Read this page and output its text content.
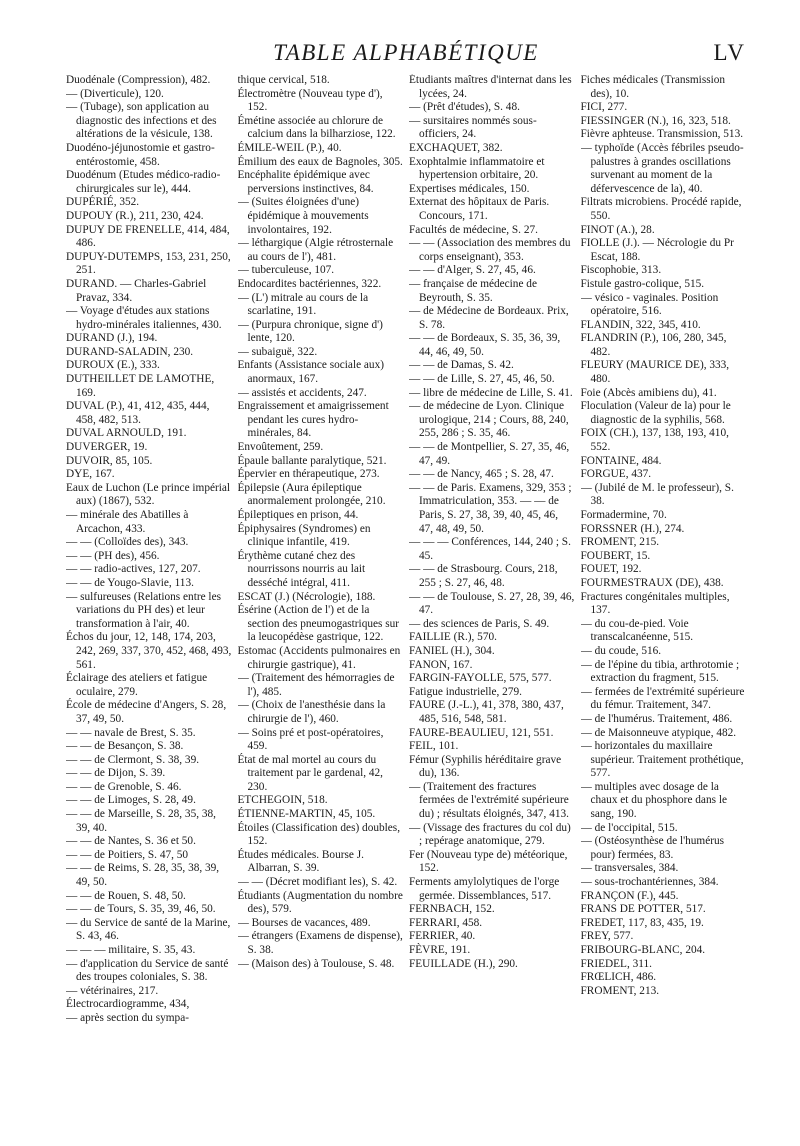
TABLE ALPHABÉTIQUE	LV

Duodénale (Compression), 482.

— (Diverticule), 120.

— (Tubage), son application au diagnostic des infections et des altérations de la vésicule, 138.

Duodéno-jéjunostomie et gastro-entérostomie, 458.

Duodénum (Etudes médico-radio-chirurgicales sur le), 444.

DUPÉRIÉ, 352.

DUPOUY (R.), 211, 230, 424.

DUPUY DE FRENELLE, 414, 484, 486.

DUPUY-DUTEMPS, 153, 231, 250, 251.

DURAND. — Charles-Gabriel Pravaz, 334.

— Voyage d'études aux stations hydro-minérales italiennes, 430.

DURAND (J.), 194.

DURAND-SALADIN, 230.

DUROUX (E.), 333.

DUTHEILLET DE LAMOTHE, 169.

DUVAL (P.), 41, 412, 435, 444, 458, 482, 513.

DUVAL ARNOULD, 191.

DUVERGER, 19.

DUVOIR, 85, 105.

DYE, 167.

Eaux de Luchon (Le prince impérial aux) (1867), 532.

— minérale des Abatilles à Arcachon, 433.

— — (Colloïdes des), 343.

— — (PH des), 456.

— — radio-actives, 127, 207.

— — de Yougo-Slavie, 113.

— sulfureuses (Relations entre les variations du PH des) et leur transformation à l'air, 40.

Échos du jour, 12, 148, 174, 203, 242, 269, 337, 370, 452, 468, 493, 561.

Éclairage des ateliers et fatigue oculaire, 279.

École de médecine d'Angers, S. 28, 37, 49, 50.

— — navale de Brest, S. 35.

— — de Besançon, S. 38.

— — de Clermont, S. 38, 39.

— — de Dijon, S. 39.

— — de Grenoble, S. 46.

— — de Limoges, S. 28, 49.

— — de Marseille, S. 28, 35, 38, 39, 40.

— — de Nantes, S. 36 et 50.

— — de Poitiers, S. 47, 50

— — de Reims, S. 28, 35, 38, 39, 49, 50.

— — de Rouen, S. 48, 50.

— — de Tours, S. 35, 39, 46, 50.

— du Service de santé de la Marine, S. 43, 46.

— — — militaire, S. 35, 43.

— d'application du Service de santé des troupes coloniales, S. 38.

— vétérinaires, 217.

Électrocardiogramme, 434,

— après section du sympa-

thique cervical, 518.

Électromètre (Nouveau type d'), 152.

Émétine associée au chlorure de calcium dans la bilharziose, 122.

ÉMILE-WEIL (P.), 40.

Émilium des eaux de Bagnoles, 305.

Encéphalite épidémique avec perversions instinctives, 84.

— (Suites éloignées d'une) épidémique à mouvements involontaires, 192.

— léthargique (Algie rétrosternale au cours de l'), 481.

— tuberculeuse, 107.

Endocardites bactériennes, 322.

— (L') mitrale au cours de la scarlatine, 191.

— (Purpura chronique, signe d') lente, 120.

— subaiguë, 322.

Enfants (Assistance sociale aux) anormaux, 167.

— assistés et accidents, 247.

Engraissement et amaigrissement pendant les cures hydro-minérales, 84.

Envoûtement, 259.

Épaule ballante paralytique, 521.

Épervier en thérapeutique, 273.

Épilepsie (Aura épileptique anormalement prolongée, 210.

Épileptiques en prison, 44.

Épiphysaires (Syndromes) en clinique infantile, 419.

Érythème cutané chez des nourrissons nourris au lait desséché intégral, 411.

ESCAT (J.) (Nécrologie), 188.

Ésérine (Action de l') et de la section des pneumogastriques sur la leucopédèse gastrique, 122.

Estomac (Accidents pulmonaires en chirurgie gastrique), 41.

— (Traitement des hémorragies de l'), 485.

— (Choix de l'anesthésie dans la chirurgie de l'), 460.

— Soins pré et post-opératoires, 459.

État de mal mortel au cours du traitement par le gardenal, 42, 230.

ETCHEGOIN, 518.

ÉTIENNE-MARTIN, 45, 105.

Étoiles (Classification des) doubles, 152.

Études médicales. Bourse J. Albarran, S. 39.

— — (Décret modifiant les), S. 42.

Étudiants (Augmentation du nombre des), 579.

— Bourses de vacances, 489.

— étrangers (Examens de dispense), S. 38.

— (Maison des) à Toulouse, S. 48.

Étudiants maîtres d'internat dans les lycées, 24.

— (Prêt d'études), S. 48.

— sursitaires nommés sous-officiers, 24.

EXCHAQUET, 382.

Exophtalmie inflammatoire et hypertension orbitaire, 20.

Expertises médicales, 150.

Externat des hôpitaux de Paris. Concours, 171.

Facultés de médecine, S. 27.

— — (Association des membres du corps enseignant), 353.

— — d'Alger, S. 27, 45, 46.

— française de médecine de Beyrouth, S. 35.

— de Médecine de Bordeaux. Prix, S. 78.

— — de Bordeaux, S. 35, 36, 39, 44, 46, 49, 50.

— — de Damas, S. 42.

— — de Lille, S. 27, 45, 46, 50.

— libre de médecine de Lille, S. 41.

— de médecine de Lyon. Clinique urologique, 214 ; Cours, 88, 240, 255, 286 ; S. 35, 46.

— — de Montpellier, S. 27, 35, 46, 47, 49.

— — de Nancy, 465 ; S. 28, 47.

— — de Paris. Examens, 329, 353 ; Immatriculation, 353. — — de Paris, S. 27, 38, 39, 40, 45, 46, 47, 48, 49, 50.

— — — Conférences, 144, 240 ; S. 45.

— — de Strasbourg. Cours, 218, 255 ; S. 27, 46, 48.

— — de Toulouse, S. 27, 28, 39, 46, 47.

— des sciences de Paris, S. 49.

FAILLIE (R.), 570.

FANIEL (H.), 304.

FANON, 167.

FARGIN-FAYOLLE, 575, 577.

Fatigue industrielle, 279.

FAURE (J.-L.), 41, 378, 380, 437, 485, 516, 548, 581.

FAURE-BEAULIEU, 121, 551.

FEIL, 101.

Fémur (Syphilis héréditaire grave du), 136.

— (Traitement des fractures fermées de l'extrémité supérieure du) ; résultats éloignés, 347, 413.

— (Vissage des fractures du col du) ; repérage anatomique, 279.

Fer (Nouveau type de) météorique, 152.

Ferments amylolytiques de l'orge germée. Dissemblances, 517.

FERNBACH, 152.

FERRARI, 458.

FERRIER, 40.

FÈVRE, 191.

FEUILLADE (H.), 290.

Fiches médicales (Transmission des), 10.

FICI, 277.

FIESSINGER (N.), 16, 323, 518.

Fièvre aphteuse. Transmission, 513.

— typhoïde (Accès fébriles pseudo-palustres à grandes oscillations survenant au moment de la défervescence de la), 40.

Filtrats microbiens. Procédé rapide, 550.

FINOT (A.), 28.

FIOLLE (J.). — Nécrologie du Pr Escat, 188.

Fiscophobie, 313.

Fistule gastro-colique, 515.

— vésico - vaginales. Position opératoire, 516.

FLANDIN, 322, 345, 410.

FLANDRIN (P.), 106, 280, 345, 482.

FLEURY (MAURICE DE), 333, 480.

Foie (Abcès amibiens du), 41.

Floculation (Valeur de la) pour le diagnostic de la syphilis, 568.

FOIX (CH.), 137, 138, 193, 410, 552.

FONTAINE, 484.

FORGUE, 437.

— (Jubilé de M. le professeur), S. 38.

Formadermine, 70.

FORSSNER (H.), 274.

FROMENT, 215.

FOUBERT, 15.

FOUET, 192.

FOURMESTRAUX (DE), 438.

Fractures congénitales multiples, 137.

— du cou-de-pied. Voie transcalcanéenne, 515.

— du coude, 516.

— de l'épine du tibia, arthrotomie ; extraction du fragment, 515.

— fermées de l'extrémité supérieure du fémur. Traitement, 347.

— de l'humérus. Traitement, 486.

— de Maisonneuve atypique, 482.

— horizontales du maxillaire supérieur. Traitement prothétique, 577.

— multiples avec dosage de la chaux et du phosphore dans le sang, 190.

— de l'occipital, 515.

— (Ostéosynthèse de l'humérus pour) fermées, 83.

— transversales, 384.

— sous-trochantériennes, 384.

FRANÇON (F.), 445.

FRANS DE POTTER, 517.

FREDET, 117, 83, 435, 19.

FREY, 577.

FRIBOURG-BLANC, 204.

FRIEDEL, 311.

FRŒLICH, 486.

FROMENT, 213.
